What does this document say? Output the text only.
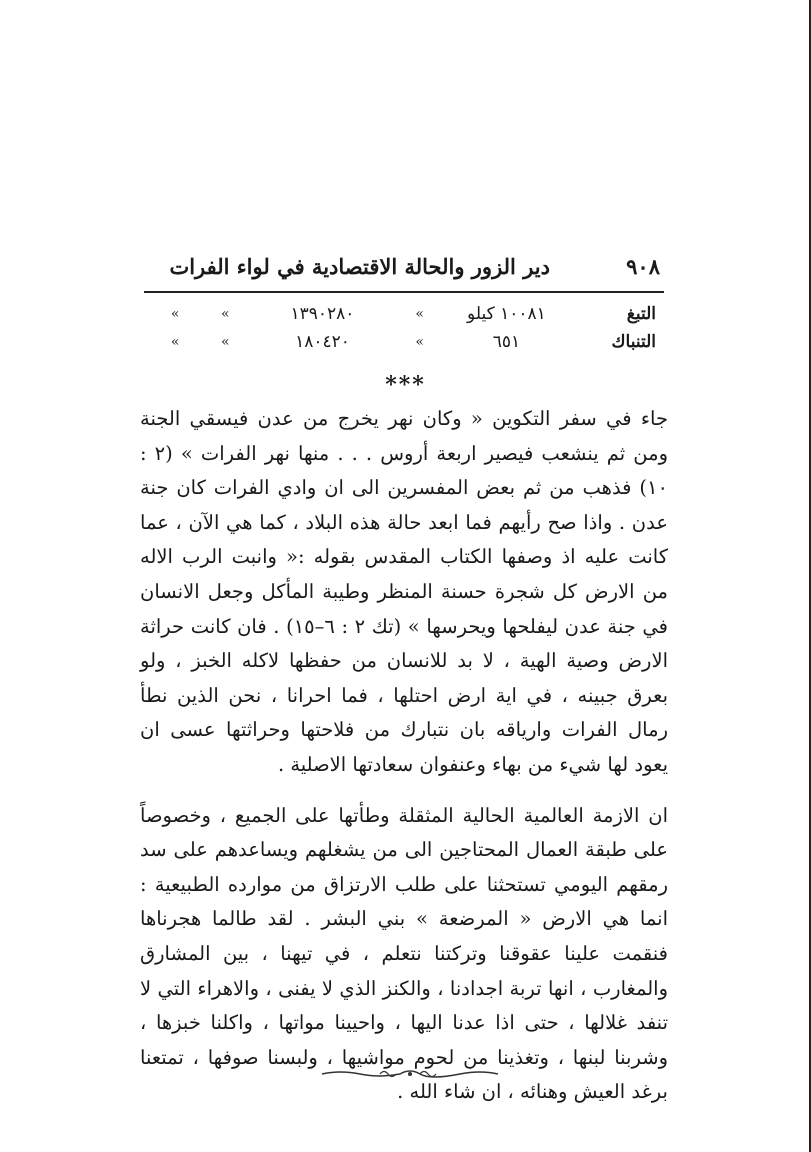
٩٠٨
دير الزور والحالة الاقتصادية في لواء الفرات
التبغ	١٠٠٨١ كيلو	»	١٣٩٠٢٨٠	»	»
التنباك	٦٥١	»	١٨٠٤٢٠	»	»
***

جاء في سفر التكوين « وكان نهر يخرج من عدن فيسقي الجنة ومن ثم ينشعب فيصير اربعة أروس . . . منها نهر الفرات » (٢ : ١٠) فذهب من ثم بعض المفسرين الى ان وادي الفرات كان جنة عدن . واذا صح رأيهم فما ابعد حالة هذه البلاد ، كما هي الآن ، عما كانت عليه اذ وصفها الكتاب المقدس بقوله :« وانبت الرب الاله من الارض كل شجرة حسنة المنظر وطيبة المأكل وجعل الانسان في جنة عدن ليفلحها ويحرسها » (تك ٢ : ٦–١٥) . فان كانت حراثة الارض وصية الهية ، لا بد للانسان من حفظها لاكله الخبز ، ولو بعرق جبينه ، في اية ارض احتلها ، فما احرانا ، نحن الذين نطأ رمال الفرات وارياقه بان نتبارك من فلاحتها وحراثتها عسى ان يعود لها شيء من بهاء وعنفوان سعادتها الاصلية .

ان الازمة العالمية الحالية المثقلة وطأتها على الجميع ، وخصوصاً على طبقة العمال المحتاجين الى من يشغلهم ويساعدهم على سد رمقهم اليومي تستحثنا على طلب الارتزاق من موارده الطبيعية : انما هي الارض « المرضعة » بني البشر . لقد طالما هجرناها فنقمت علينا عقوقنا وتركتنا نتعلم ، في تيهنا ، بين المشارق والمغارب ، انها تربة اجدادنا ، والكنز الذي لا يفنى ، والاهراء التي لا تنفد غلالها ، حتى اذا عدنا اليها ، واحيينا مواتها ، واكلنا خبزها ، وشربنا لبنها ، وتغذينا من لحوم مواشيها ، ولبسنا صوفها ، تمتعنا برغد العيش وهنائه ، ان شاء الله .
